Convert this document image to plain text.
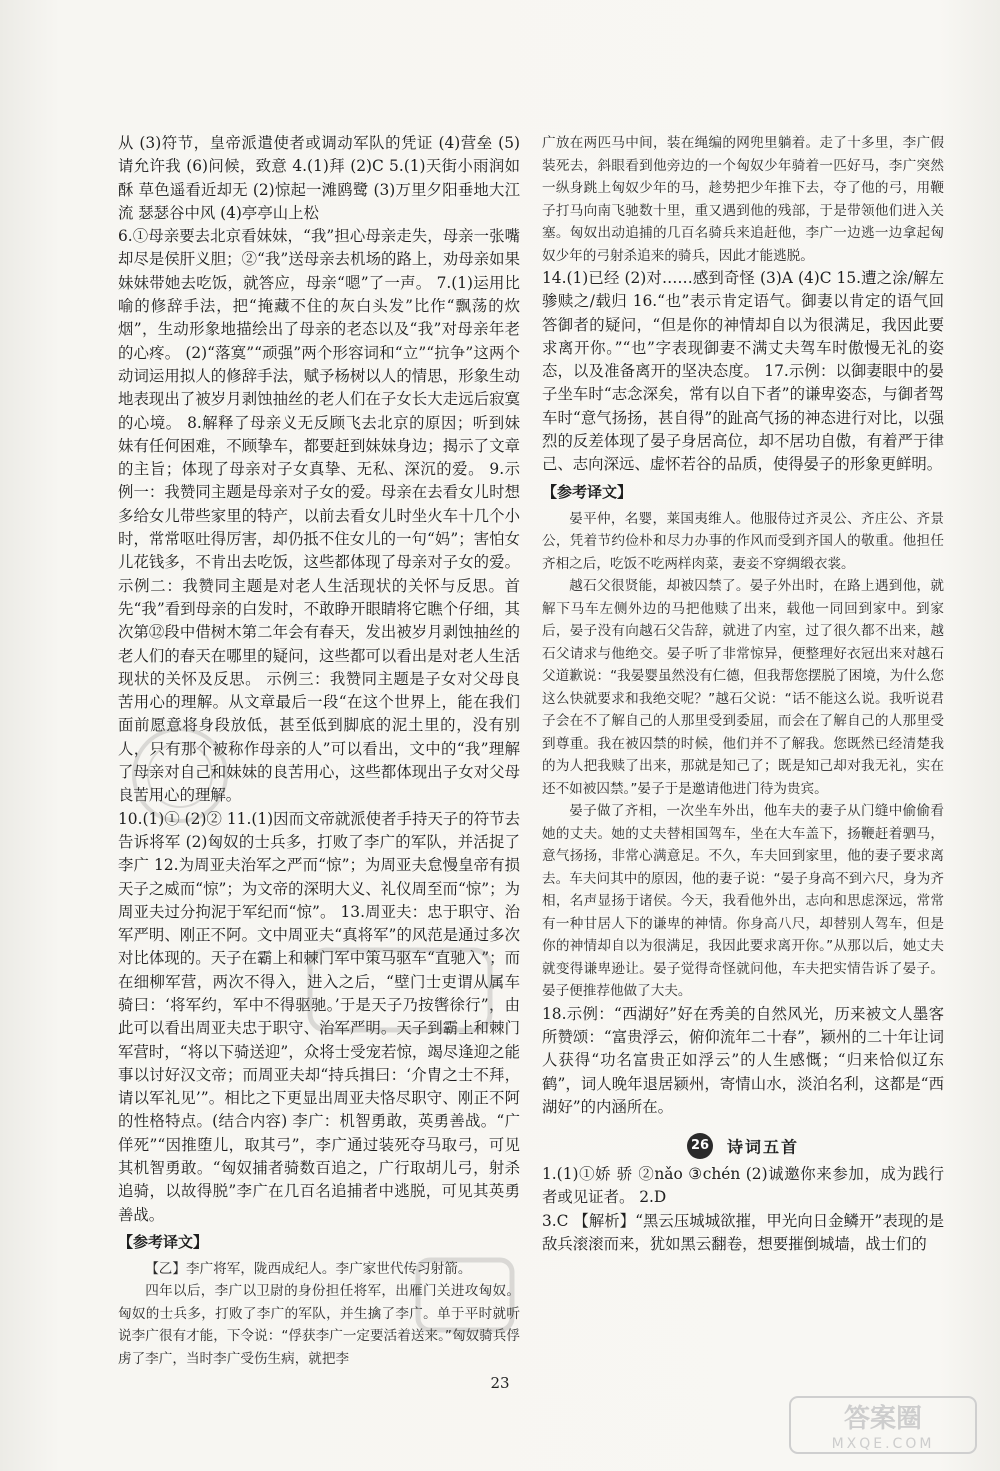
从 (3)符节，皇帝派遣使者或调动军队的凭证 (4)营垒 (5)请允许我 (6)问候，致意 4.(1)拜 (2)C 5.(1)天街小雨润如酥 草色遥看近却无 (2)惊起一滩鸥鹭 (3)万里夕阳垂地大江流 瑟瑟谷中风 (4)亭亭山上松

6.①母亲要去北京看妹妹，“我”担心母亲走失，母亲一张嘴却尽是侯肝义胆；②“我”送母亲去机场的路上，劝母亲如果妹妹带她去吃饭，就答应，母亲“嗯”了一声。 7.(1)运用比喻的修辞手法，把“掩藏不住的灰白头发”比作“飘荡的炊烟”，生动形象地描绘出了母亲的老态以及“我”对母亲年老的心疼。 (2)“落寞”“顽强”两个形容词和“立”“抗争”这两个动词运用拟人的修辞手法，赋予杨树以人的情思，形象生动地表现出了被岁月剥蚀抽丝的老人们在子女长大走远后寂寞的心境。 8.解释了母亲义无反顾飞去北京的原因；听到妹妹有任何困难，不顾挚车，都要赶到妹妹身边；揭示了文章的主旨；体现了母亲对子女真挚、无私、深沉的爱。 9.示例一：我赞同主题是母亲对子女的爱。母亲在去看女儿时想多给女儿带些家里的特产，以前去看女儿时坐火车十几个小时，常常呕吐得厉害，却仍抵不住女儿的一句“妈”；害怕女儿花钱多，不肯出去吃饭，这些都体现了母亲对子女的爱。 示例二：我赞同主题是对老人生活现状的关怀与反思。首先“我”看到母亲的白发时，不敢睁开眼睛将它瞧个仔细，其次第⑫段中借树木第二年会有春天，发出被岁月剥蚀抽丝的老人们的春天在哪里的疑问，这些都可以看出是对老人生活现状的关怀及反思。 示例三：我赞同主题是子女对父母良苦用心的理解。从文章最后一段“在这个世界上，能在我们面前愿意将身段放低，甚至低到脚底的泥土里的，没有别人，只有那个被称作母亲的人”可以看出，文中的“我”理解了母亲对自己和妹妹的良苦用心，这些都体现出子女对父母良苦用心的理解。

10.(1)① (2)② 11.(1)因而文帝就派使者手持天子的符节去告诉将军 (2)匈奴的士兵多，打败了李广的军队，并活捉了李广 12.为周亚夫治军之严而“惊”；为周亚夫怠慢皇帝有损天子之威而“惊”；为文帝的深明大义、礼仪周至而“惊”；为周亚夫过分拘泥于军纪而“惊”。 13.周亚夫：忠于职守、治军严明、刚正不阿。文中周亚夫“真将军”的风范是通过多次对比体现的。天子在霸上和棘门军中策马驱车“直驰入”；而在细柳军营，两次不得入，进入之后，“壁门士吏谓从属车骑曰：‘将军约，军中不得驱驰。’于是天子乃按辔徐行”，由此可以看出周亚夫忠于职守、治军严明。天子到霸上和棘门军营时，“将以下骑送迎”，众将士受宠若惊，竭尽逢迎之能事以讨好汉文帝；而周亚夫却“持兵揖曰：‘介胄之士不拜，请以军礼见’”。相比之下更显出周亚夫恪尽职守、刚正不阿的性格特点。(结合内容) 李广：机智勇敢，英勇善战。“广佯死”“因推堕儿，取其弓”，李广通过装死夺马取弓，可见其机智勇敢。“匈奴捕者骑数百追之，广行取胡儿弓，射杀追骑，以故得脱”李广在几百名追捕者中逃脱，可见其英勇善战。

【参考译文】

【乙】李广将军，陇西成纪人。李广家世代传习射箭。

四年以后，李广以卫尉的身份担任将军，出雁门关进攻匈奴。匈奴的士兵多，打败了李广的军队，并生擒了李广。单于平时就听说李广很有才能，下令说：“俘获李广一定要活着送来。”匈奴骑兵俘虏了李广，当时李广受伤生病，就把李

广放在两匹马中间，装在绳编的网兜里躺着。走了十多里，李广假装死去，斜眼看到他旁边的一个匈奴少年骑着一匹好马，李广突然一纵身跳上匈奴少年的马，趁势把少年推下去，夺了他的弓，用鞭子打马向南飞驰数十里，重又遇到他的残部，于是带领他们进入关塞。匈奴出动追捕的几百名骑兵来追赶他，李广一边逃一边拿起匈奴少年的弓射杀追来的骑兵，因此才能逃脱。

14.(1)已经 (2)对……感到奇怪 (3)A (4)C 15.遭之涂/解左骖赎之/载归 16.“也”表示肯定语气。御妻以肯定的语气回答御者的疑问，“但是你的神情却自以为很满足，我因此要求离开你。”“也”字表现御妻不满丈夫驾车时傲慢无礼的姿态，以及准备离开的坚决态度。 17.示例：以御妻眼中的晏子坐车时“志念深矣，常有以自下者”的谦卑姿态，与御者驾车时“意气扬扬，甚自得”的趾高气扬的神态进行对比，以强烈的反差体现了晏子身居高位，却不居功自傲，有着严于律己、志向深远、虚怀若谷的品质，使得晏子的形象更鲜明。

【参考译文】

晏平仲，名婴，莱国夷维人。他服侍过齐灵公、齐庄公、齐景公，凭着节约俭朴和尽力办事的作风而受到齐国人的敬重。他担任齐相之后，吃饭不吃两样肉菜，妻妾不穿绸缎衣裳。

越石父很贤能，却被囚禁了。晏子外出时，在路上遇到他，就解下马车左侧外边的马把他赎了出来，载他一同回到家中。到家后，晏子没有向越石父告辞，就进了内室，过了很久都不出来，越石父请求与他绝交。晏子听了非常惊异，便整理好衣冠出来对越石父道歉说：“我晏婴虽然没有仁德，但我帮您摆脱了困境，为什么您这么快就要求和我绝交呢？”越石父说：“话不能这么说。我听说君子会在不了解自己的人那里受到委屈，而会在了解自己的人那里受到尊重。我在被囚禁的时候，他们并不了解我。您既然已经清楚我的为人把我赎了出来，那就是知己了；既是知己却对我无礼，实在还不如被囚禁。”晏子于是邀请他进门待为贵宾。

晏子做了齐相，一次坐车外出，他车夫的妻子从门缝中偷偷看她的丈夫。她的丈夫替相国驾车，坐在大车盖下，扬鞭赶着驷马，意气扬扬，非常心满意足。不久，车夫回到家里，他的妻子要求离去。车夫问其中的原因，他的妻子说：“晏子身高不到六尺，身为齐相，名声显扬于诸侯。今天，我看他外出，志向和思虑深远，常常有一种甘居人下的谦卑的神情。你身高八尺，却替别人驾车，但是你的神情却自以为很满足，我因此要求离开你。”从那以后，她丈夫就变得谦卑逊让。晏子觉得奇怪就问他，车夫把实情告诉了晏子。晏子便推荐他做了大夫。

18.示例：“西湖好”好在秀美的自然风光，历来被文人墨客所赞颂：“富贵浮云，俯仰流年二十春”，颍州的二十年让词人获得“功名富贵正如浮云”的人生感慨；“归来恰似辽东鹤”，词人晚年退居颍州，寄情山水，淡泊名利，这都是“西湖好”的内涵所在。

26 诗词五首

1.(1)①娇 骄 ②nǎo ③chén (2)诚邀你来参加，成为践行者或见证者。 2.D

3.C 【解析】“黑云压城城欲摧，甲光向日金鳞开”表现的是敌兵滚滚而来，犹如黑云翻卷，想要摧倒城墙，战士们的

23
答案圈
MXQE.COM
